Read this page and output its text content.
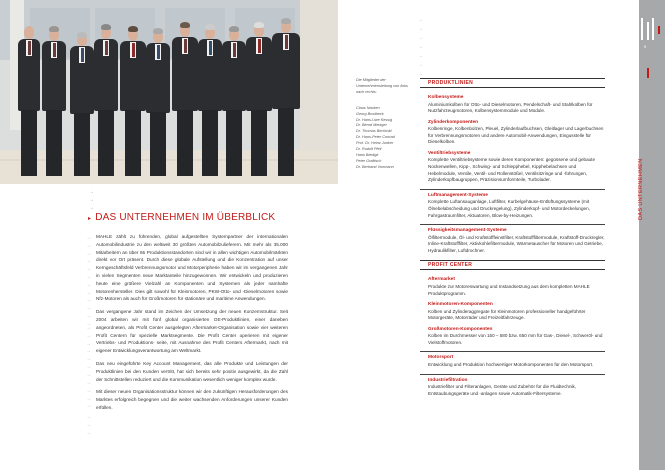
→
→
→
▸ DAS UNTERNEHMEN IM ÜBERBLICK
→
→
→
→
→
→
→
→
→
→
→
→
→
→
→
→
→
→
→
→
→
→
→
→
→
→

MAHLE zählt zu führenden, global aufgestellten Systempartner der internationalen Automobilindustrie zu den weltweit 30 größten Automobilzulieferern. Mit mehr als 35.000 Mitarbeitern an über 65 Produktionsstandorten sind wir in allen wichtigen Automobilmärkten direkt vor Ort präsent. Durch diese globale Aufstellung und die Konzentration auf unser Kerngeschäftsfeld Verbrennungsmotor und Motorperipherie haben wir im vergangenen Jahr in vielen Segmenten neue Marktanteile hinzugewonnen. Wir entwickeln und produzieren heute eine größere Vielzahl an Komponenten und Systemen als jeder namhafte Motorenhersteller. Dies gilt sowohl für Kleinmotoren, PKW-Otto- und -Dieselmotoren sowie Nfz-Motoren als auch für Großmotoren für stationäre und maritime Anwendungen.

Das vergangene Jahr stand im Zeichen der Umsetzung der neuen Konzernstruktur. Seit 2004 arbeiten wir mit fünf global organisierten OE-Produktlinien, einer daneben angeordneten, als Profit Center ausgelegten Aftermarket-Organisation sowie vier weiteren Profit Centern für spezielle Marktsegmente. Die Profit Center operieren mit eigener Vertriebs- und Produktions- seite, mit Ausnahme des Profit Centers Aftermarkt, nach mit eigener Entwicklungsverantwortung am Weltmarkt.

Das neu eingeführte Key Account Management, das alle Produkte und Leistungen der Produktlinien bei den Kunden vertritt, hat sich bereits sehr positiv ausgewirkt, da die Zahl der Schnittstellen reduziert und die Kommunikation wesentlich weniger komplex wurde.

Mit dieser neuen Organisationsstruktur können wir den zukünftigen Herausforderungen des Marktes erfolgreich begegnen und die weiter wachsenden Anforderungen unserer Kunden erfüllen.

Die Mitglieder der Unternehmensleitung von links nach rechts:
Claus Nacken
Georg Brodbeck
Dr. Hans-Uwe Kessig
Dr. Bernd Metzger
Dr. Thomas Bechtold
Dr. Hans-Peter Conrad
Prof. Dr. Heinz Junker
Dr. Rudolf Pfeil
Hans Biedigk
Peter Grafitsch
Dr. Bertrand Vonmann
→
→
→
→
→
→
→
PRODUKTLINIEN
Kolbensysteme
Aluminiumkolben für Otto- und Dieselmotoren, Pendelschaft- und Stahlkolben für Nutzfahrzeugmotoren, Kolbensystemmodule und Module.
Zylinderkomponenten
Kolbenringe, Kolbenbolzen, Pleuel, Zylinderlaufbuchsen, Gleitlager und Lagerbuchsen für Verbrennungsmotoren und andere Automobil-Anwendungen, Eingusstelle für Dieselkolben.
Ventiltriebsysteme
Komplette Ventiltriebsysteme sowie deren Komponenten: gegossene und gebaute Nockenwellen, Kipp-, Schwing- und Schlepphebel, Kipphebelachsen und Hebelmodule, Ventile, Ventil- und Rollenstößel, Ventilsitzringe und -führungen, Zylinderkopfbaugruppen, Präzisionsumformteile, Turbolader.
Luftmanagement-Systeme
Komplette Luftansauganlage, Luftfilter, Kurbelgehäuse-Entlüftungssysteme (mit Ölnebelabscheidung und Druckregelung), Zylinderkopf- und Motordeckelungen, Fahrgastraumfilter, Aktuatoren, Blow-by-Heizungen.
Flüssigkeitsmanagement-Systeme
Ölfiltermodule, Öl- und Kraftstofffeinstfilter, Kraftstofffiltermodule, Kraftstoff-Druckregler, Inline-Kraftstofffilter, Aktivkohlefiltermodule, Wärmetauscher für Motoren und Getriebe, Hydraulikfilter, Luftdrochner.
PROFIT CENTER
Aftermarket
Produkte zur Motorenwartung und Instandsetzung aus dem kompletten MAHLE Produktprogramm.
Kleinmotoren-Komponenten
Kolben und Zylinderaggregate für Kleinmotoren professioneller handgeführter Motorgeräte, Motorräder und Freizeitfahrzeuge.
Großmotoren-Komponenten
Kolben im Durchmesser von 150 – 580 bzw. 650 mm für Gas-, Diesel-, Schweröl- und Vielstoffmotoren.
Motorsport
Entwicklung und Produktion hochwertiger Motorkomponenten für den Motorsport.
Industriefiltration
Industriefilter und Filteranlagen, Geräte und Zubehör für die Fluidtechnik, Entstaubungsgeräte und -anlagen sowie Automatik-Filtersysteme.
9
DAS UNTERNEHMEN
